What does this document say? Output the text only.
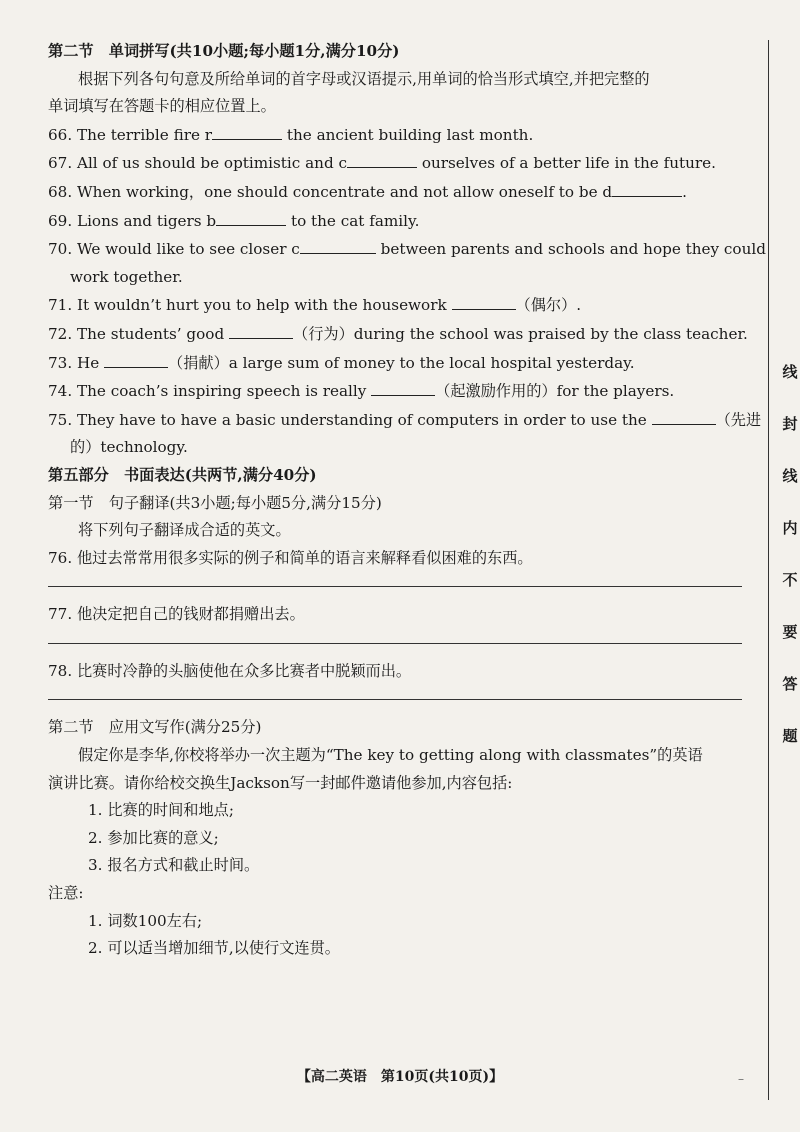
第二节　单词拼写(共10小题;每小题1分,满分10分)
根据下列各句句意及所给单词的首字母或汉语提示,用单词的恰当形式填空,并把完整的
单词填写在答题卡的相应位置上。
66. The terrible fire r	the ancient building last month.
67. All of us should be optimistic and c	ourselves of a better life in the future.
68. When working，one should concentrate and not allow oneself to be d	.
69. Lions and tigers b	to the cat family.
70. We would like to see closer c	between parents and schools and hope they could
work together.
71. It wouldn’t hurt you to help with the housework	（偶尔）.
72. The students’ good	（行为）during the school was praised by the class teacher.
73. He	（捐献）a large sum of money to the local hospital yesterday.
74. The coach’s inspiring speech is really	（起激励作用的）for the players.
75. They have to have a basic understanding of computers in order to use the	（先进
的）technology.
第五部分　书面表达(共两节,满分40分)
第一节　句子翻译(共3小题;每小题5分,满分15分)
将下列句子翻译成合适的英文。
76. 他过去常常用很多实际的例子和简单的语言来解释看似困难的东西。
77. 他决定把自己的钱财都捐赠出去。
78. 比赛时冷静的头脑使他在众多比赛者中脱颖而出。
第二节　应用文写作(满分25分)
假定你是李华,你校将举办一次主题为“The key to getting along with classmates”的英语
演讲比赛。请你给校交换生Jackson写一封邮件邀请他参加,内容包括:
1. 比赛的时间和地点;
2. 参加比赛的意义;
3. 报名方式和截止时间。
注意:
1. 词数100左右;
2. 可以适当增加细节,以使行文连贯。
【高二英语　第10页(共10页)】	–
线
封
线
内
不
要
答
题
